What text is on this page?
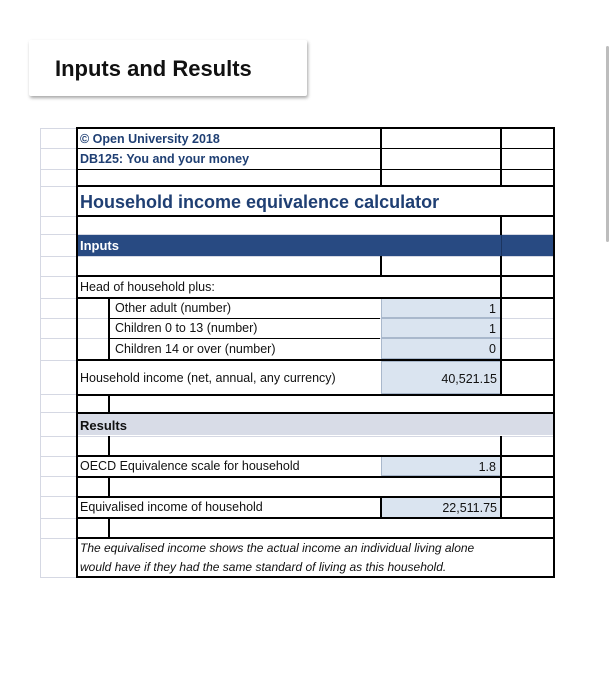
Inputs and Results
Inputs
Results
1
1
0
40,521.15
1.8
22,511.75
© Open University 2018
DB125: You and your money
Household income equivalence calculator
Head of household plus:
Other adult (number)
Children 0 to 13 (number)
Children 14 or over (number)
Household income (net, annual, any currency)
OECD Equivalence scale for household
Equivalised income of household
The equivalised income shows the actual income an individual living alone
would have if they had the same standard of living as this household.
